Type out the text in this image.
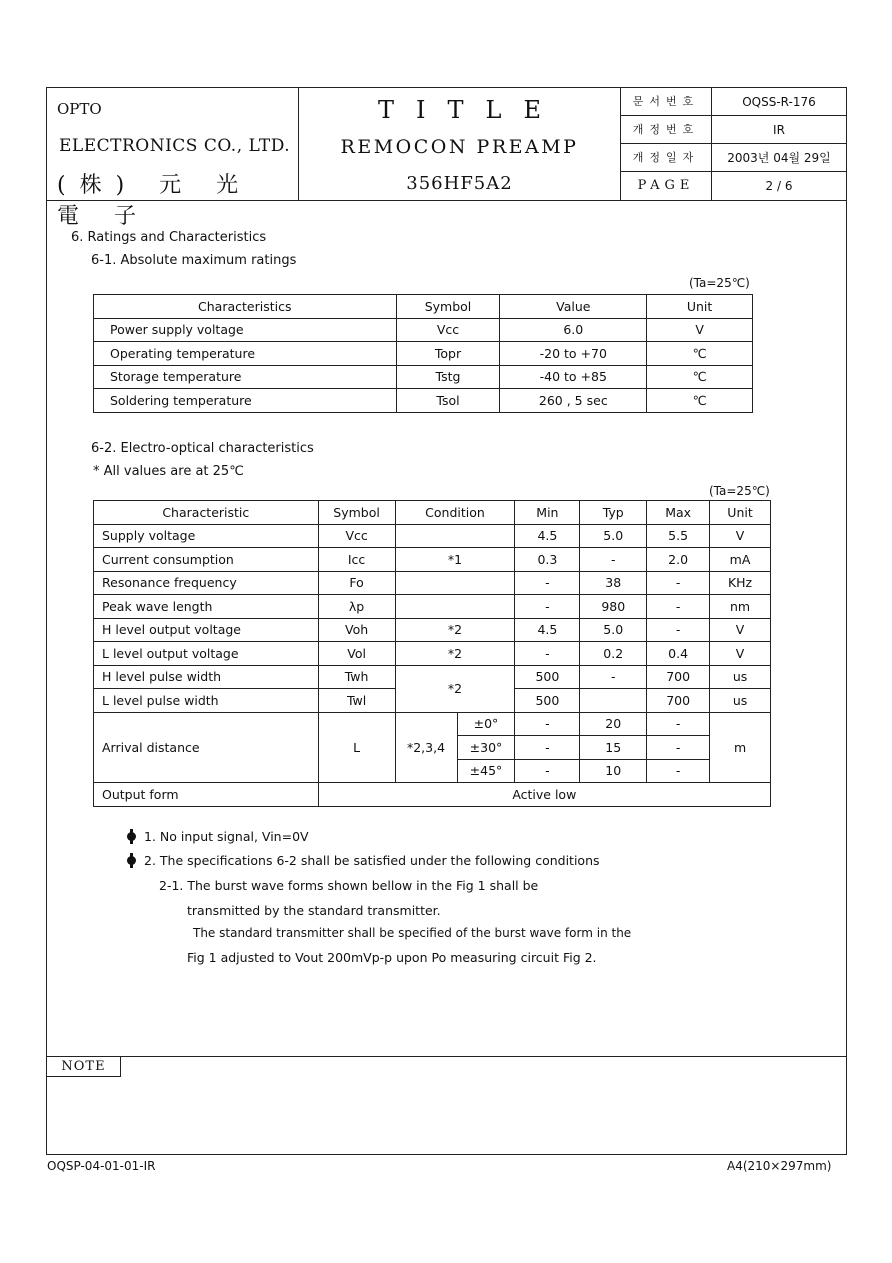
OPTO
ELECTRONICS CO., LTD.
(株) 元 光 電 子
TITLE
REMOCON PREAMP
356HF5A2
문서번호	OQSS-R-176
개정번호	IR
개정일자	2003년 04월 29일
PAGE	2 / 6
6. Ratings and Characteristics
6-1. Absolute maximum ratings
(Ta=25℃)
Characteristics	Symbol	Value	Unit
Power supply voltage	Vcc	6.0	V
Operating temperature	Topr	-20 to +70	℃
Storage temperature	Tstg	-40 to +85	℃
Soldering temperature	Tsol	260 , 5 sec	℃
6-2. Electro-optical characteristics
* All values are at 25℃
(Ta=25℃)
Characteristic	Symbol	Condition		Min	Typ	Max	Unit
Supply voltage	Vcc			4.5	5.0	5.5	V
Current consumption	Icc	*1		0.3	-	2.0	mA
Resonance frequency	Fo			-	38	-	KHz
Peak wave length	λp			-	980	-	nm
H level output voltage	Voh	*2		4.5	5.0	-	V
L level output voltage	Vol	*2		-	0.2	0.4	V
H level pulse width	Twh	*2		500	-	700	us
L level pulse width	Twl			500		700	us
Arrival distance	L	*2,3,4	±0°	-	20	-	m
			±30°	-	15	-	
			±45°	-	10	-	
Output form	Active low						
1. No input signal, Vin=0V
2. The specifications 6-2 shall be satisfied under the following conditions
2-1. The burst wave forms shown bellow in the Fig 1 shall be
transmitted by the standard transmitter.
The standard transmitter shall be specified of the burst wave form in the
Fig 1 adjusted to Vout 200mVp-p upon Po measuring circuit Fig 2.
NOTE
OQSP-04-01-01-IR	A4(210×297mm)
